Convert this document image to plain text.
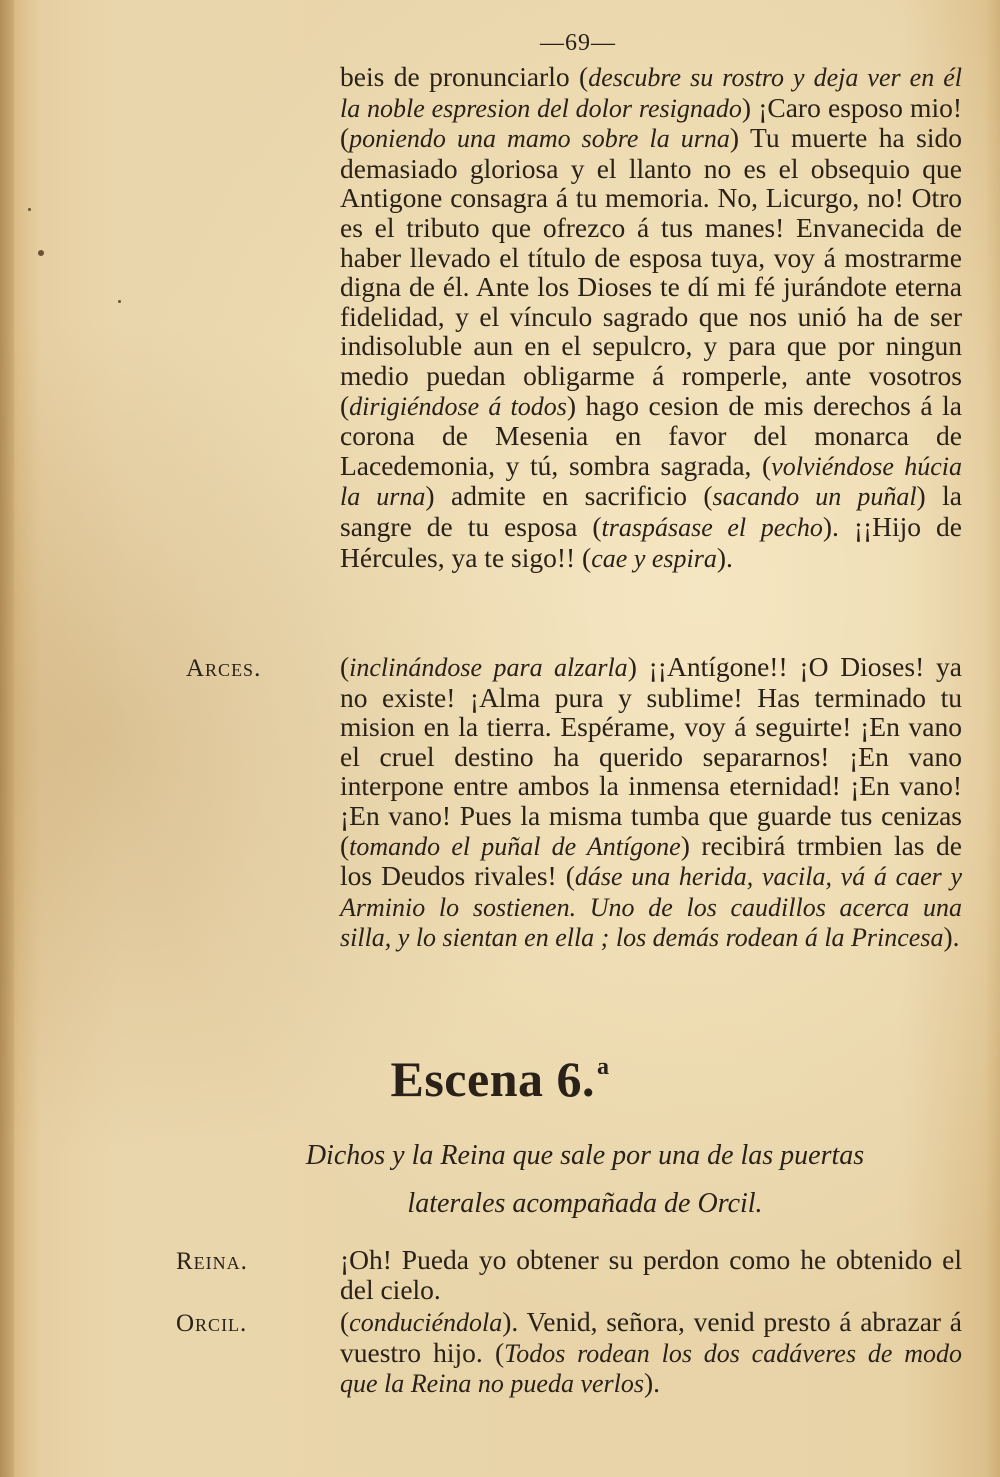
—69—
beis de pronunciarlo (descubre su rostro y deja ver en él la noble espresion del dolor resignado) ¡Caro esposo mio! (poniendo una mamo sobre la urna) Tu muerte ha sido demasiado gloriosa y el llanto no es el obsequio que Antigone consagra á tu memoria. No, Licurgo, no! Otro es el tributo que ofrezco á tus manes! Envanecida de haber llevado el título de esposa tuya, voy á mostrarme digna de él. Ante los Dioses te dí mi fé jurándote eterna fidelidad, y el vínculo sagrado que nos unió ha de ser indisoluble aun en el sepulcro, y para que por ningun medio puedan obligarme á romperle, ante vosotros (dirigiéndose á todos) hago cesion de mis derechos á la corona de Mesenia en favor del monarca de Lacedemonia, y tú, sombra sagrada, (volviéndose húcia la urna) admite en sacrificio (sacando un puñal) la sangre de tu esposa (traspásase el pecho). ¡¡Hijo de Hércules, ya te sigo!! (cae y espira).
Arces.	(inclinándose para alzarla) ¡¡Antígone!! ¡O Dioses! ya no existe! ¡Alma pura y sublime! Has terminado tu mision en la tierra. Espérame, voy á seguirte! ¡En vano el cruel destino ha querido separarnos! ¡En vano interpone entre ambos la inmensa eternidad! ¡En vano! ¡En vano! Pues la misma tumba que guarde tus cenizas (tomando el puñal de Antígone) recibirá trmbien las de los Deudos rivales! (dáse una herida, vacila, vá á caer y Arminio lo sostienen. Uno de los caudillos acerca una silla, y lo sientan en ella ; los demás rodean á la Princesa).
Escena 6.$^a$
Dichos y la Reina que sale por una de las puertas
laterales acompañada de Orcil.
Reina.	¡Oh! Pueda yo obtener su perdon como he obtenido el del cielo.
Orcil.	(conduciéndola). Venid, señora, venid presto á abrazar á vuestro hijo. (Todos rodean los dos cadáveres de modo que la Reina no pueda verlos).
